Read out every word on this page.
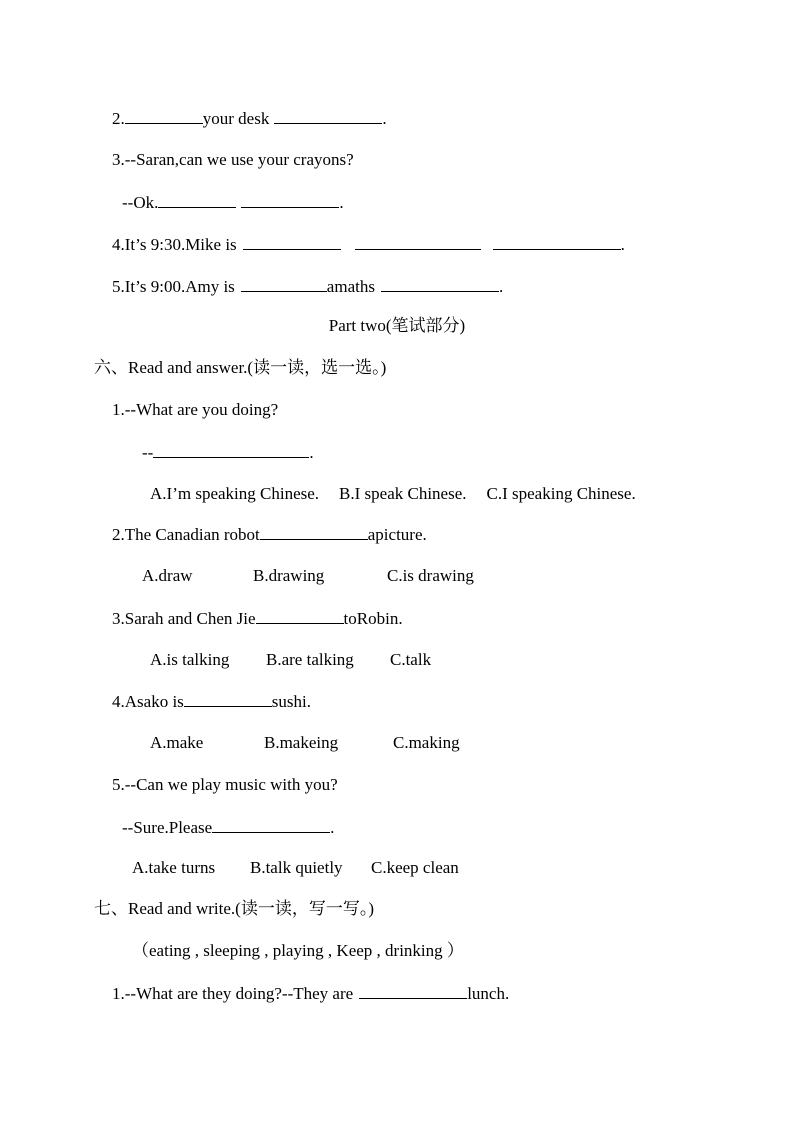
2.	your desk	.
3.--Saran,can we use your crayons?
--Ok.	.
4.It’s 9:30.Mike is	.
5.It’s 9:00.Amy is	amaths	.
Part two(笔试部分)
六、Read and answer.(读一读，选一选。)
1.--What are you doing?
--	.
A.I’m speaking Chinese. B.I speak Chinese. C.I speaking Chinese.
2.The Canadian robot	apicture.
A.draw	B.drawing	C.is drawing
3.Sarah and Chen Jie	toRobin.
A.is talking B.are talking C.talk
4.Asako is	sushi.
A.make	B.makeing	C.making
5.--Can we play music with you?
--Sure.Please	.
A.take turns B.talk quietly C.keep clean
七、Read and write.(读一读，写一写。)
（eating , sleeping , playing , Keep , drinking ）
1.--What are they doing?--They are	lunch.
